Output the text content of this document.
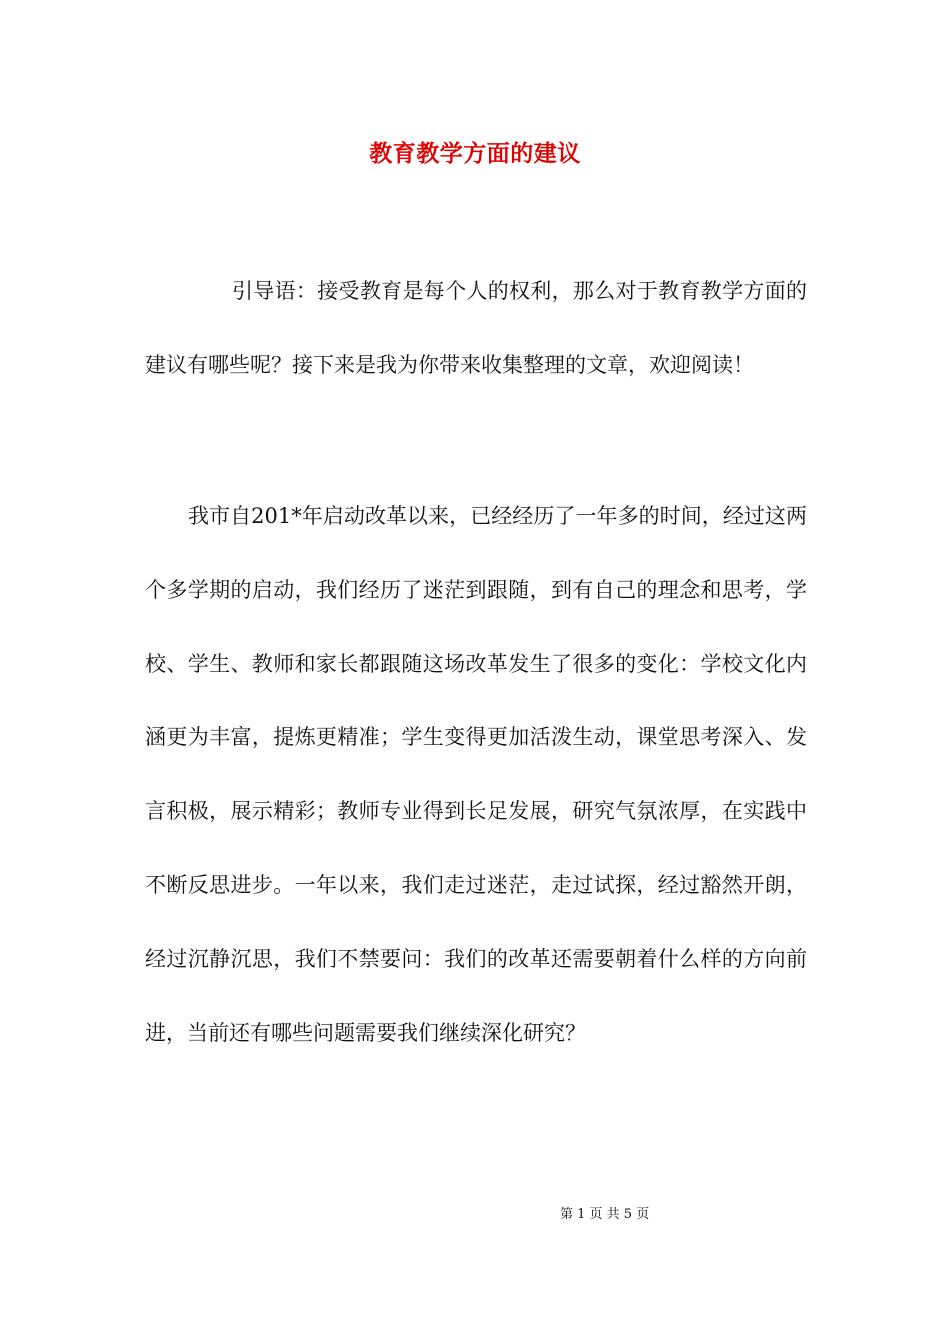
教育教学方面的建议

引导语：接受教育是每个人的权利，那么对于教育教学方面的建议有哪些呢？接下来是我为你带来收集整理的文章，欢迎阅读！

我市自201*年启动改革以来，已经经历了一年多的时间，经过这两个多学期的启动，我们经历了迷茫到跟随，到有自己的理念和思考，学校、学生、教师和家长都跟随这场改革发生了很多的变化：学校文化内涵更为丰富，提炼更精准；学生变得更加活泼生动，课堂思考深入、发言积极，展示精彩；教师专业得到长足发展，研究气氛浓厚，在实践中不断反思进步。一年以来，我们走过迷茫，走过试探，经过豁然开朗，经过沉静沉思，我们不禁要问：我们的改革还需要朝着什么样的方向前进，当前还有哪些问题需要我们继续深化研究？

第 1 页 共 5 页
